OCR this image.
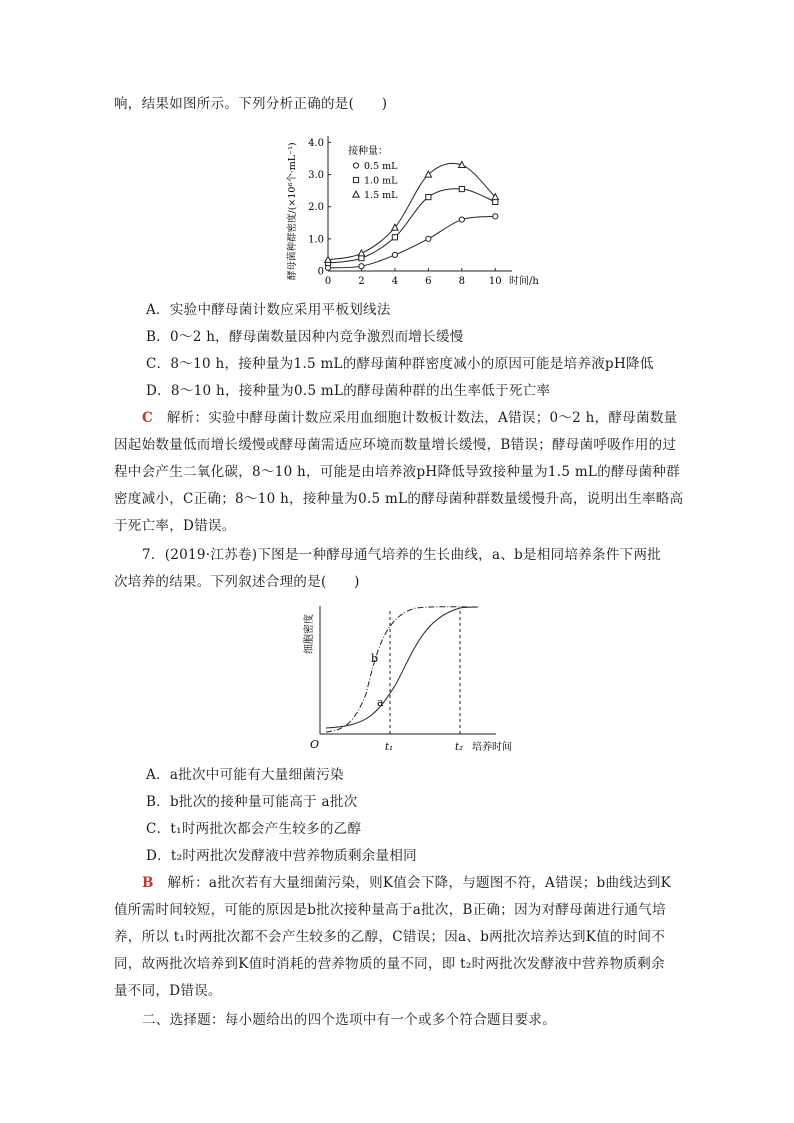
响，结果如图所示。下列分析正确的是(　　)
0
1.0
2.0
3.0
4.0
0	2	4	6	8 10 时间/h
酵母菌种群密度/(×10⁶个·mL⁻¹)	接种量：
0.5 mL
1.0 mL
1.5 mL
A．实验中酵母菌计数应采用平板划线法
B．0～2 h，酵母菌数量因种内竞争激烈而增长缓慢
C．8～10 h，接种量为1.5 mL的酵母菌种群密度减小的原因可能是培养液pH降低
D．8～10 h，接种量为0.5 mL的酵母菌种群的出生率低于死亡率
C　解析：实验中酵母菌计数应采用血细胞计数板计数法，A错误；0～2 h，酵母菌数量
因起始数量低而增长缓慢或酵母菌需适应环境而数量增长缓慢，B错误；酵母菌呼吸作用的过
程中会产生二氧化碳，8～10 h，可能是由培养液pH降低导致接种量为1.5 mL的酵母菌种群
密度减小，C正确；8～10 h，接种量为0.5 mL的酵母菌种群数量缓慢升高，说明出生率略高
于死亡率，D错误。
7．(2019·江苏卷)下图是一种酵母通气培养的生长曲线，a、b是相同培养条件下两批
次培养的结果。下列叙述合理的是(　　)
细胞密度
O	t₁	t₂ 培养时间
b
a
A．a批次中可能有大量细菌污染
B．b批次的接种量可能高于 a批次
C．t₁时两批次都会产生较多的乙醇
D．t₂时两批次发酵液中营养物质剩余量相同
B　解析：a批次若有大量细菌污染，则K值会下降，与题图不符，A错误；b曲线达到K
值所需时间较短，可能的原因是b批次接种量高于a批次，B正确；因为对酵母菌进行通气培
养，所以 t₁时两批次都不会产生较多的乙醇，C错误；因a、b两批次培养达到K值的时间不
同，故两批次培养到K值时消耗的营养物质的量不同，即 t₂时两批次发酵液中营养物质剩余
量不同，D错误。
二、选择题：每小题给出的四个选项中有一个或多个符合题目要求。
